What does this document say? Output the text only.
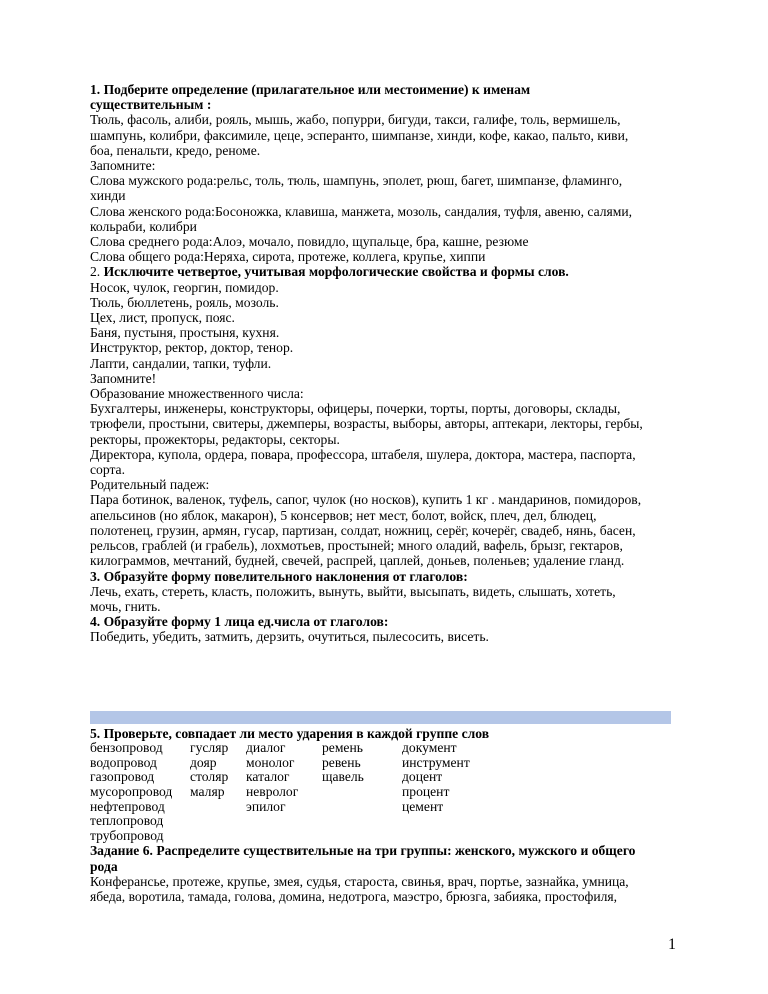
1. Подберите определение (прилагательное или местоимение) к именам
существительным :
Тюль, фасоль, алиби, рояль, мышь, жабо, попурри, бигуди, такси, галифе, толь, вермишель,
шампунь, колибри, факсимиле, цеце, эсперанто, шимпанзе, хинди, кофе, какао, пальто, киви,
боа, пенальти, кредо, реноме.
Запомните:
Слова мужского рода:рельс, толь, тюль, шампунь, эполет, рюш, багет, шимпанзе, фламинго,
хинди
Слова женского рода:Босоножка, клавиша, манжета, мозоль, сандалия, туфля, авеню, салями,
кольраби, колибри
Слова среднего рода:Алоэ, мочало, повидло, щупальце, бра, кашне, резюме
Слова общего рода:Неряха, сирота, протеже, коллега, крупье, хиппи
2. Исключите четвертое, учитывая морфологические свойства и формы слов.
Носок, чулок, георгин, помидор.
Тюль, бюллетень, рояль, мозоль.
Цех, лист, пропуск, пояс.
Баня, пустыня, простыня, кухня.
Инструктор, ректор, доктор, тенор.
Лапти, сандалии, тапки, туфли.
Запомните!
Образование множественного числа:
Бухгалтеры, инженеры, конструкторы, офицеры, почерки, торты, порты, договоры, склады,
трюфели, простыни, свитеры, джемперы, возрасты, выборы, авторы, аптекари, лекторы, гербы,
ректоры, прожекторы, редакторы, секторы.
Директора, купола, ордера, повара, профессора, штабеля, шулера, доктора, мастера, паспорта,
сорта.
Родительный падеж:
Пара ботинок, валенок, туфель, сапог, чулок (но носков), купить 1 кг . мандаринов, помидоров,
апельсинов (но яблок, макарон), 5 консервов; нет мест, болот, войск, плеч, дел, блюдец,
полотенец, грузин, армян, гусар, партизан, солдат, ножниц, серёг, кочерёг, свадеб, нянь, басен,
рельсов, граблей (и грабель), лохмотьев, простыней; много оладий, вафель, брызг, гектаров,
килограммов, мечтаний, будней, свечей, распрей, цаплей, доньев, поленьев; удаление гланд.
3. Образуйте форму повелительного наклонения от глаголов:
Лечь, ехать, стереть, класть, положить, вынуть, выйти, высыпать, видеть, слышать, хотеть,
мочь, гнить.
4. Образуйте форму 1 лица ед.числа от глаголов:
Победить, убедить, затмить, дерзить, очутиться, пылесосить, висеть.
5. Проверьте, совпадает ли место ударения в каждой группе слов
бензопровод	гусляр	диалог	ремень	документ
водопровод	дояр	монолог	ревень	инструмент
газопровод	столяр	каталог	щавель	доцент
мусоропровод	маляр	невролог		процент
нефтепровод		эпилог		цемент
теплопровод				
трубопровод				
Задание 6. Распределите существительные на три группы: женского, мужского и общего
рода
Конферансье, протеже, крупье, змея, судья, староста, свинья, врач, портье, зазнайка, умница,
ябеда, воротила, тамада, голова, домина, недотрога, маэстро, брюзга, забияка, простофиля,
1
